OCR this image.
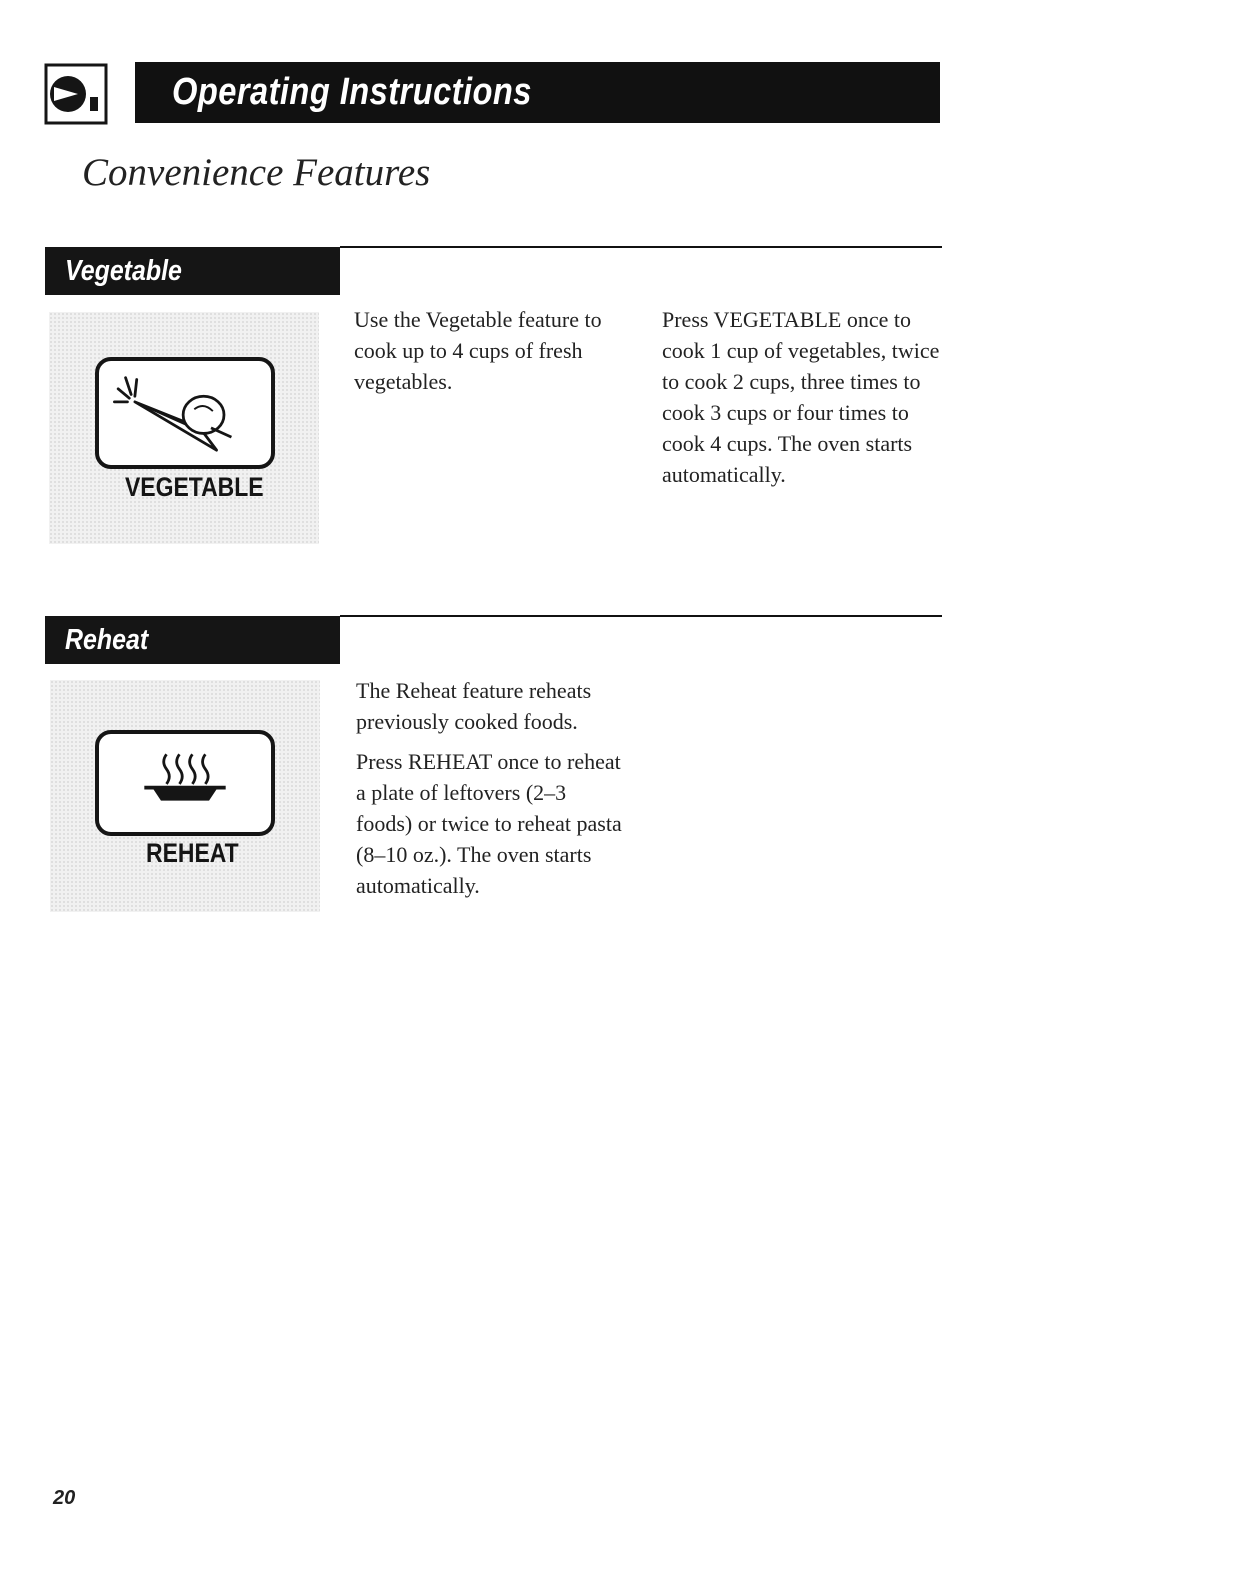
Operating Instructions
Convenience Features
Vegetable

VEGETABLE

Use the Vegetable feature to cook up to 4 cups of fresh vegetables.

Press VEGETABLE once to cook 1 cup of vegetables, twice to cook 2 cups, three times to cook 3 cups or four times to cook 4 cups. The oven starts automatically.

Reheat

REHEAT

The Reheat feature reheats previously cooked foods.

Press REHEAT once to reheat a plate of leftovers (2–3 foods) or twice to reheat pasta (8–10 oz.). The oven starts automatically.

20
